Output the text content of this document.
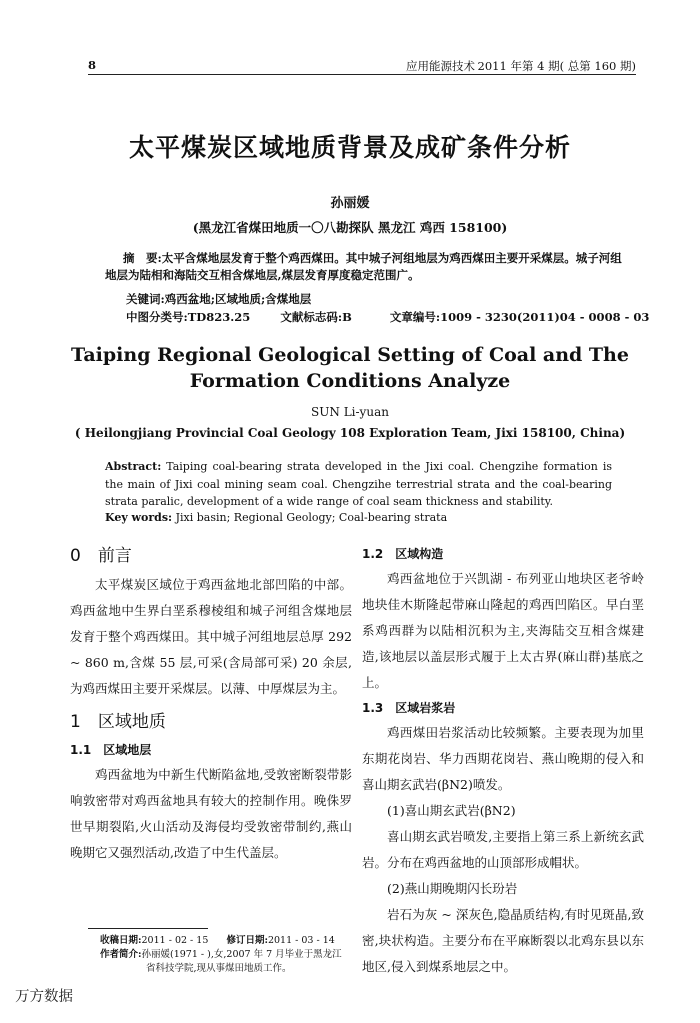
8	应用能源技术 2011 年第 4 期( 总第 160 期)
太平煤炭区域地质背景及成矿条件分析
孙丽媛
(黑龙江省煤田地质一〇八勘探队 黑龙江 鸡西 158100)
摘　要:太平含煤地层发育于整个鸡西煤田。其中城子河组地层为鸡西煤田主要开采煤层。城子河组地层为陆相和海陆交互相含煤地层,煤层发育厚度稳定范围广。
关键词:鸡西盆地;区域地质;含煤地层
中图分类号:TD823.25	文献标志码:B	文章编号:1009 - 3230(2011)04 - 0008 - 03
Taiping Regional Geological Setting of Coal and The
Formation Conditions Analyze
SUN Li-yuan
( Heilongjiang Provincial Coal Geology 108 Exploration Team, Jixi 158100, China)
Abstract: Taiping coal-bearing strata developed in the Jixi coal. Chengzihe formation is the main of Jixi coal mining seam coal. Chengzihe terrestrial strata and the coal-bearing strata paralic, development of a wide range of coal seam thickness and stability.
Key words: Jixi basin; Regional Geology; Coal-bearing strata
0　前言

太平煤炭区域位于鸡西盆地北部凹陷的中部。鸡西盆地中生界白垩系穆棱组和城子河组含煤地层发育于整个鸡西煤田。其中城子河组地层总厚 292 ~ 860 m,含煤 55 层,可采(含局部可采) 20 余层,为鸡西煤田主要开采煤层。以薄、中厚煤层为主。

1　区域地质
1.1　区域地层

鸡西盆地为中新生代断陷盆地,受敦密断裂带影响敦密带对鸡西盆地具有较大的控制作用。晚侏罗世早期裂陷,火山活动及海侵均受敦密带制约,燕山晚期它又强烈活动,改造了中生代盖层。

1.2　区域构造

鸡西盆地位于兴凯湖 - 布列亚山地块区老爷岭地块佳木斯隆起带麻山隆起的鸡西凹陷区。早白垩系鸡西群为以陆相沉积为主,夹海陆交互相含煤建造,该地层以盖层形式履于上太古界(麻山群)基底之上。

1.3　区域岩浆岩

鸡西煤田岩浆活动比较频繁。主要表现为加里东期花岗岩、华力西期花岗岩、燕山晚期的侵入和喜山期玄武岩(βN2)喷发。

(1)喜山期玄武岩(βN2)

喜山期玄武岩喷发,主要指上第三系上新统玄武岩。分布在鸡西盆地的山顶部形成帽状。

(2)燕山期晚期闪长玢岩

岩石为灰 ~ 深灰色,隐晶质结构,有时见斑晶,致密,块状构造。主要分布在平麻断裂以北鸡东县以东地区,侵入到煤系地层之中。

收稿日期:2011 - 02 - 15 修订日期:2011 - 03 - 14
作者简介:孙丽媛(1971 - ),女,2007 年 7 月毕业于黑龙江
省科技学院,现从事煤田地质工作。
万方数据
